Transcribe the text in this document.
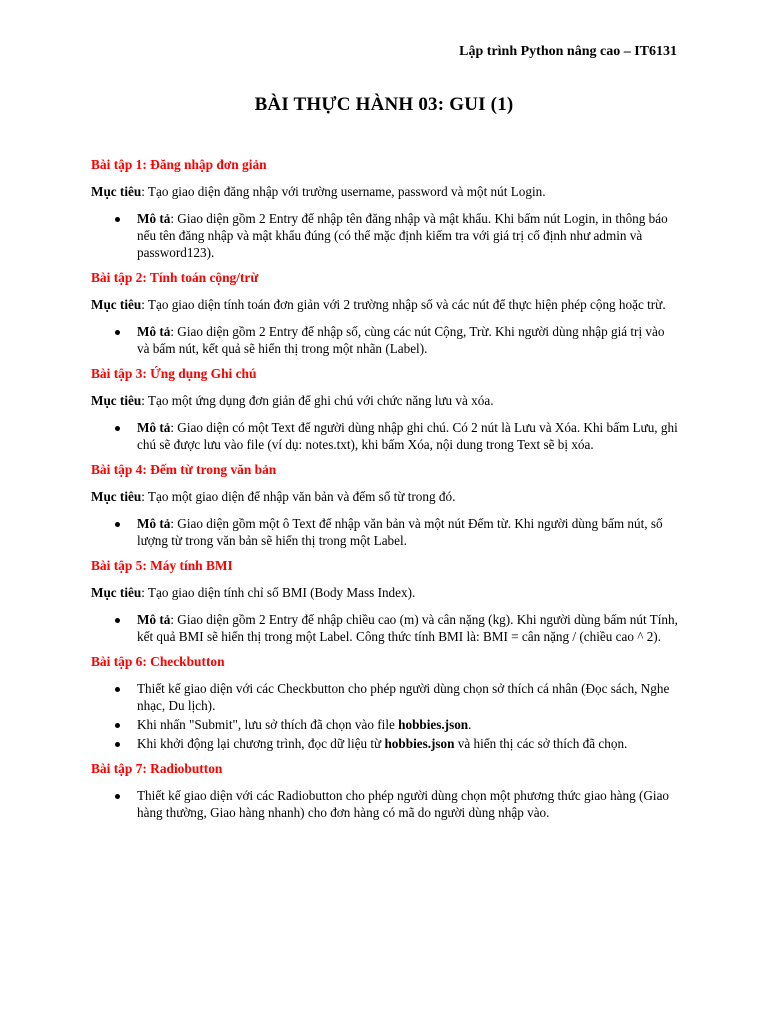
Lập trình Python nâng cao – IT6131
BÀI THỰC HÀNH 03: GUI (1)
Bài tập 1: Đăng nhập đơn giản
Mục tiêu: Tạo giao diện đăng nhập với trường username, password và một nút Login.
Mô tả: Giao diện gồm 2 Entry để nhập tên đăng nhập và mật khẩu. Khi bấm nút Login, in thông báo nếu tên đăng nhập và mật khẩu đúng (có thể mặc định kiểm tra với giá trị cố định như admin và password123).
Bài tập 2: Tính toán cộng/trừ
Mục tiêu: Tạo giao diện tính toán đơn giản với 2 trường nhập số và các nút để thực hiện phép cộng hoặc trừ.
Mô tả: Giao diện gồm 2 Entry để nhập số, cùng các nút Cộng, Trừ. Khi người dùng nhập giá trị vào và bấm nút, kết quả sẽ hiển thị trong một nhãn (Label).
Bài tập 3: Ứng dụng Ghi chú
Mục tiêu: Tạo một ứng dụng đơn giản để ghi chú với chức năng lưu và xóa.
Mô tả: Giao diện có một Text để người dùng nhập ghi chú. Có 2 nút là Lưu và Xóa. Khi bấm Lưu, ghi chú sẽ được lưu vào file (ví dụ: notes.txt), khi bấm Xóa, nội dung trong Text sẽ bị xóa.
Bài tập 4: Đếm từ trong văn bản
Mục tiêu: Tạo một giao diện để nhập văn bản và đếm số từ trong đó.
Mô tả: Giao diện gồm một ô Text để nhập văn bản và một nút Đếm từ. Khi người dùng bấm nút, số lượng từ trong văn bản sẽ hiển thị trong một Label.
Bài tập 5: Máy tính BMI
Mục tiêu: Tạo giao diện tính chỉ số BMI (Body Mass Index).
Mô tả: Giao diện gồm 2 Entry để nhập chiều cao (m) và cân nặng (kg). Khi người dùng bấm nút Tính, kết quả BMI sẽ hiển thị trong một Label. Công thức tính BMI là: BMI = cân nặng / (chiều cao ^ 2).
Bài tập 6: Checkbutton
Thiết kế giao diện với các Checkbutton cho phép người dùng chọn sở thích cá nhân (Đọc sách, Nghe nhạc, Du lịch).
Khi nhấn "Submit", lưu sở thích đã chọn vào file hobbies.json.
Khi khởi động lại chương trình, đọc dữ liệu từ hobbies.json và hiển thị các sở thích đã chọn.
Bài tập 7: Radiobutton
Thiết kế giao diện với các Radiobutton cho phép người dùng chọn một phương thức giao hàng (Giao hàng thường, Giao hàng nhanh) cho đơn hàng có mã do người dùng nhập vào.
